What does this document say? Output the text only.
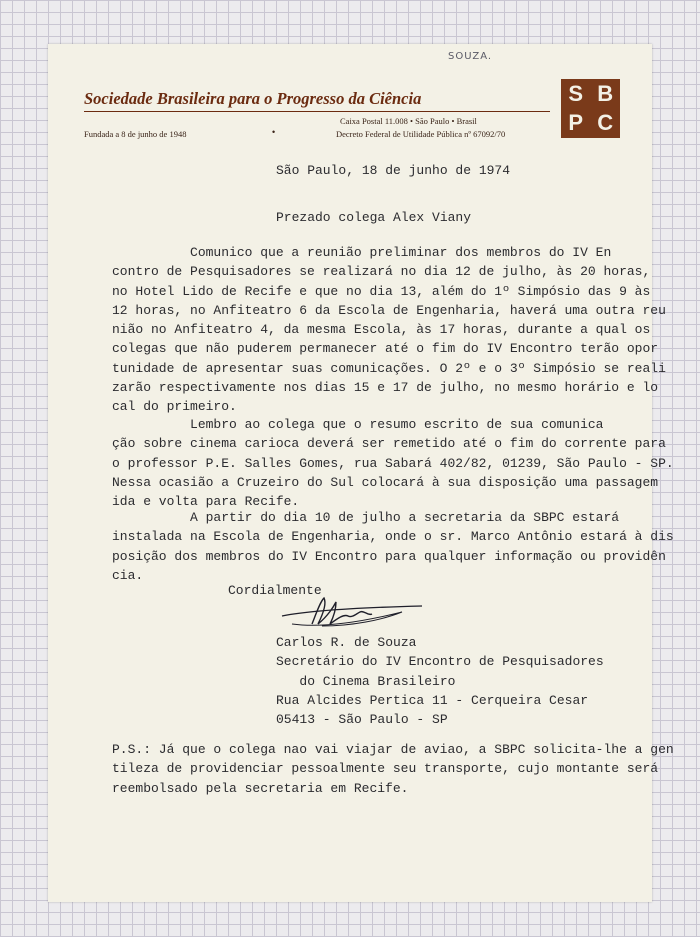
SOUZA.
Sociedade Brasileira para o Progresso da Ciência
Caixa Postal 11.008 • São Paulo • Brasil
Fundada a 8 de junho de 1948	•	Decreto Federal de Utilidade Pública nº 67092/70
S B
P C
São Paulo, 18 de junho de 1974
Prezado colega Alex Viany
Comunico que a reunião preliminar dos membros do IV En
contro de Pesquisadores se realizará no dia 12 de julho, às 20 horas,
no Hotel Lido de Recife e que no dia 13, além do 1º Simpósio das 9 às
12 horas, no Anfiteatro 6 da Escola de Engenharia, haverá uma outra reu
nião no Anfiteatro 4, da mesma Escola, às 17 horas, durante a qual os
colegas que não puderem permanecer até o fim do IV Encontro terão opor
tunidade de apresentar suas comunicações. O 2º e o 3º Simpósio se reali
zarão respectivamente nos dias 15 e 17 de julho, no mesmo horário e lo
cal do primeiro.
Lembro ao colega que o resumo escrito de sua comunica
ção sobre cinema carioca deverá ser remetido até o fim do corrente para
o professor P.E. Salles Gomes, rua Sabará 402/82, 01239, São Paulo - SP.
Nessa ocasião a Cruzeiro do Sul colocará à sua disposição uma passagem
ida e volta para Recife.
A partir do dia 10 de julho a secretaria da SBPC estará
instalada na Escola de Engenharia, onde o sr. Marco Antônio estará à dis
posição dos membros do IV Encontro para qualquer informação ou providên
cia.
Cordialmente
Carlos R. de Souza
Secretário do IV Encontro de Pesquisadores
do Cinema Brasileiro
Rua Alcides Pertica 11 - Cerqueira Cesar
05413 - São Paulo - SP
P.S.: Já que o colega nao vai viajar de aviao, a SBPC solicita-lhe a gen
tileza de providenciar pessoalmente seu transporte, cujo montante será
reembolsado pela secretaria em Recife.
